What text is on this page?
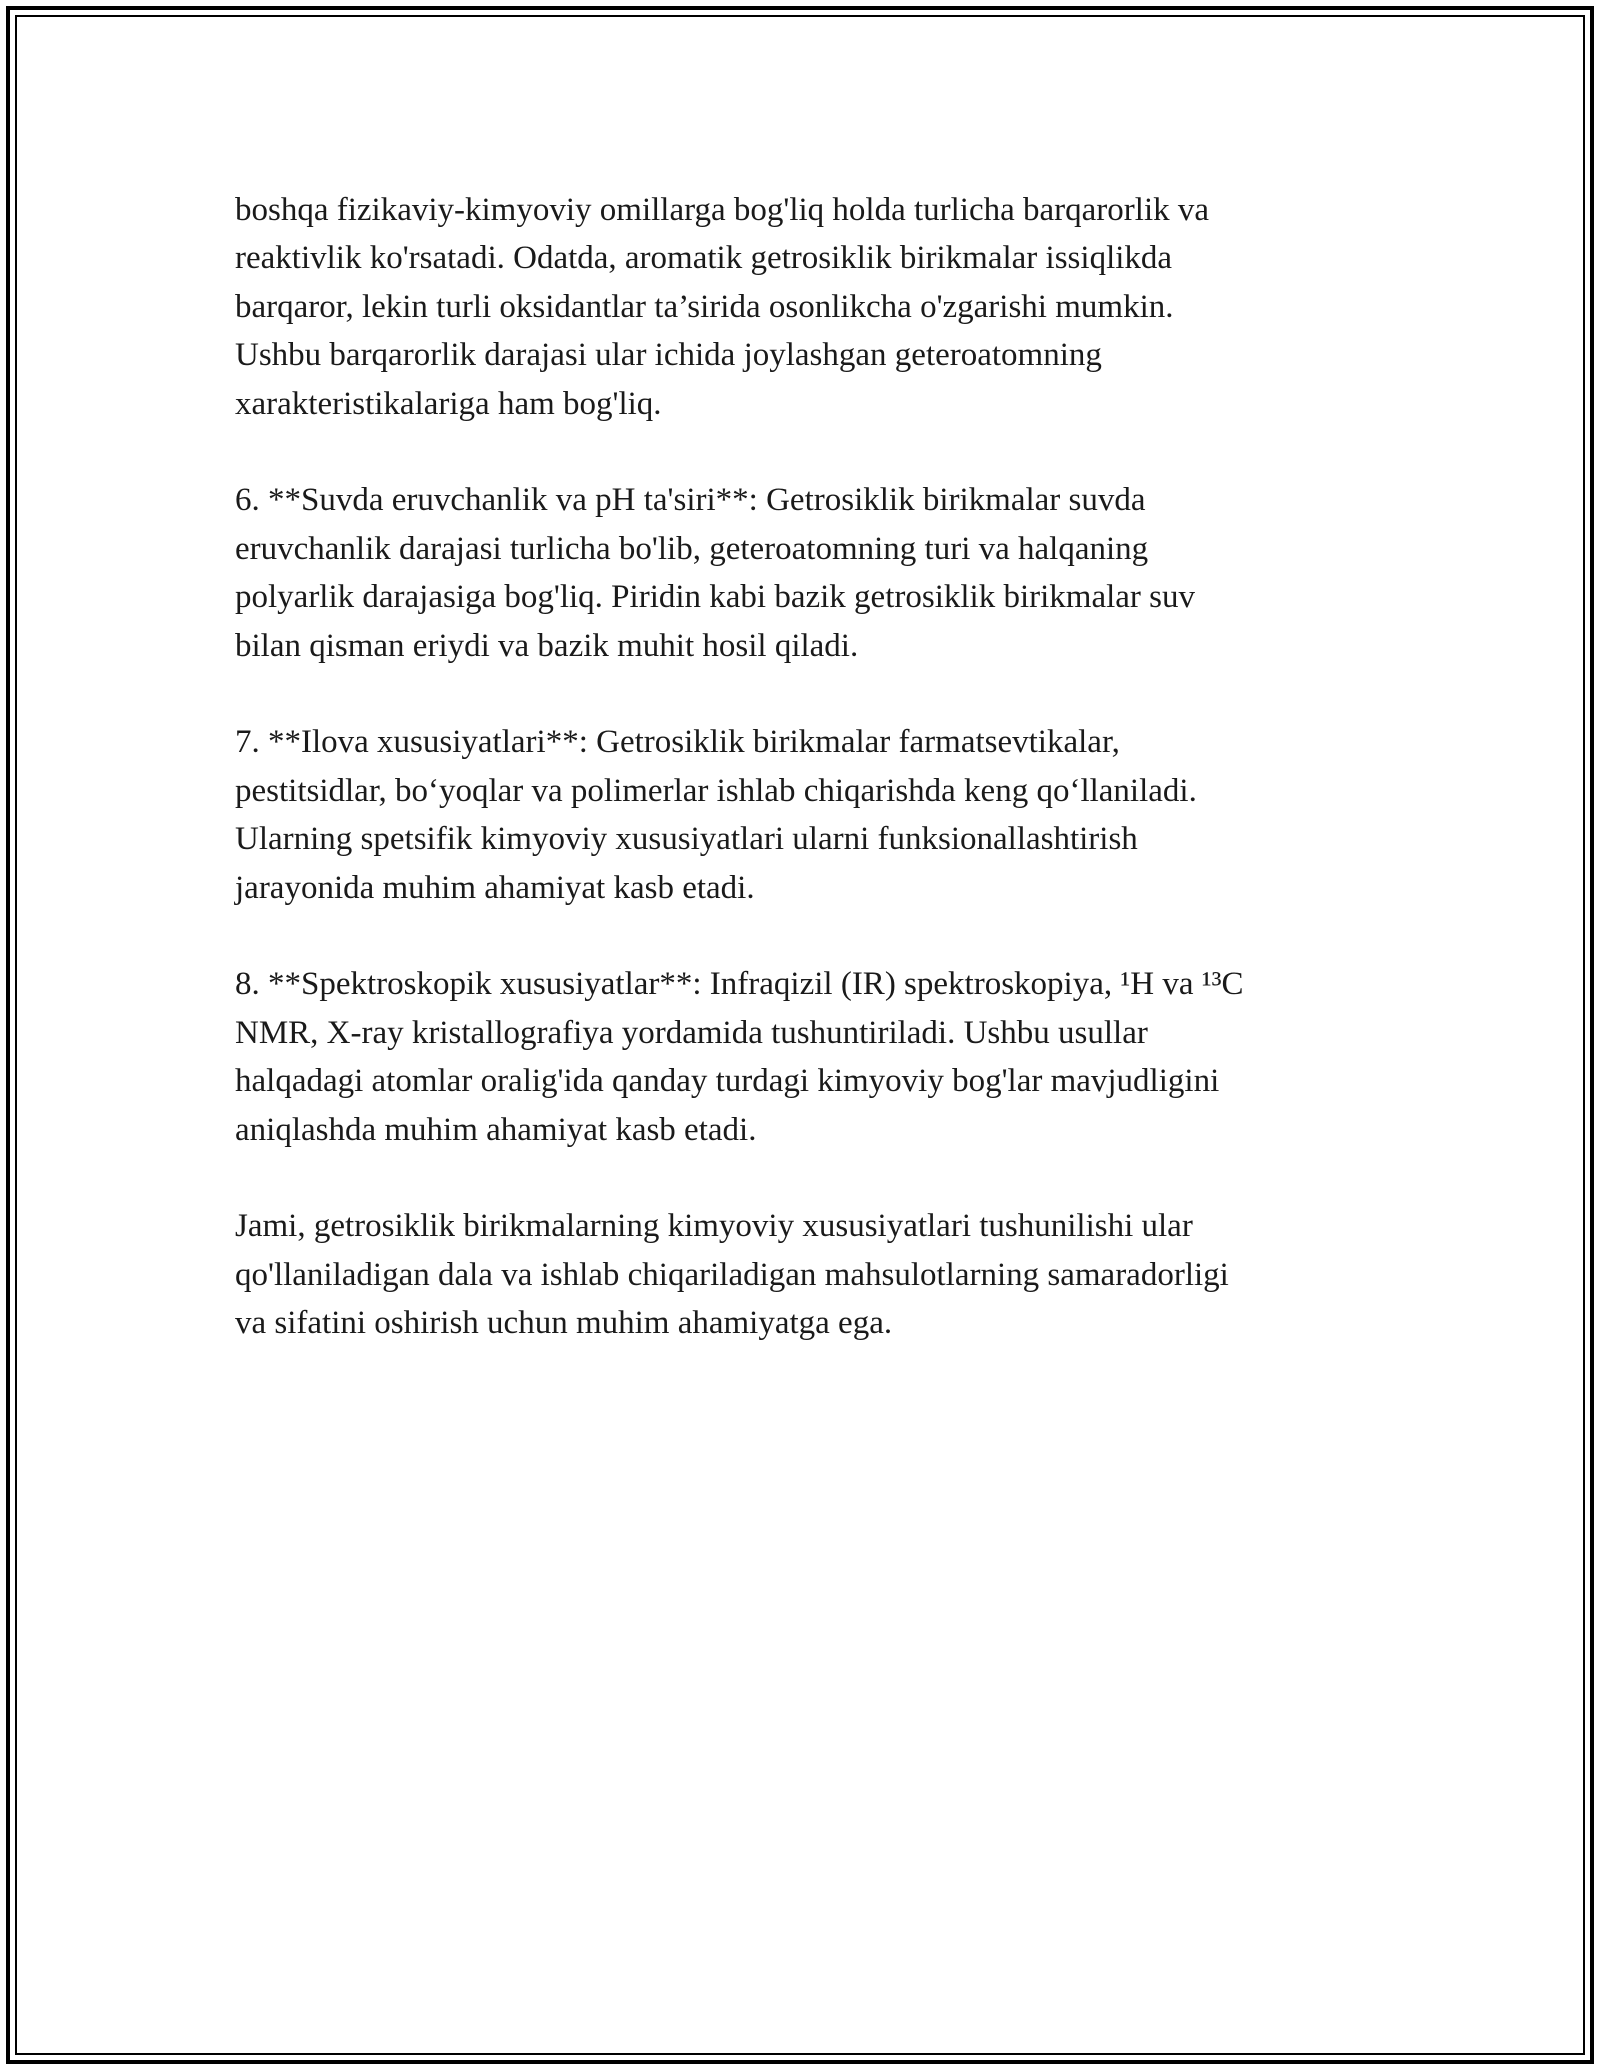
boshqa fizikaviy-kimyoviy omillarga bog'liq holda turlicha barqarorlik va
reaktivlik ko'rsatadi. Odatda, aromatik getrosiklik birikmalar issiqlikda
barqaror, lekin turli oksidantlar ta’sirida osonlikcha o'zgarishi mumkin.
Ushbu barqarorlik darajasi ular ichida joylashgan geteroatomning
xarakteristikalariga ham bog'liq.

6. **Suvda eruvchanlik va pH ta'siri**: Getrosiklik birikmalar suvda
eruvchanlik darajasi turlicha bo'lib, geteroatomning turi va halqaning
polyarlik darajasiga bog'liq. Piridin kabi bazik getrosiklik birikmalar suv
bilan qisman eriydi va bazik muhit hosil qiladi.

7. **Ilova xususiyatlari**: Getrosiklik birikmalar farmatsevtikalar,
pestitsidlar, bo‘yoqlar va polimerlar ishlab chiqarishda keng qo‘llaniladi.
Ularning spetsifik kimyoviy xususiyatlari ularni funksionallashtirish
jarayonida muhim ahamiyat kasb etadi.

8. **Spektroskopik xususiyatlar**: Infraqizil (IR) spektroskopiya, ¹H va ¹³C
NMR, X-ray kristallografiya yordamida tushuntiriladi. Ushbu usullar
halqadagi atomlar oralig'ida qanday turdagi kimyoviy bog'lar mavjudligini
aniqlashda muhim ahamiyat kasb etadi.

Jami, getrosiklik birikmalarning kimyoviy xususiyatlari tushunilishi ular
qo'llaniladigan dala va ishlab chiqariladigan mahsulotlarning samaradorligi
va sifatini oshirish uchun muhim ahamiyatga ega.
